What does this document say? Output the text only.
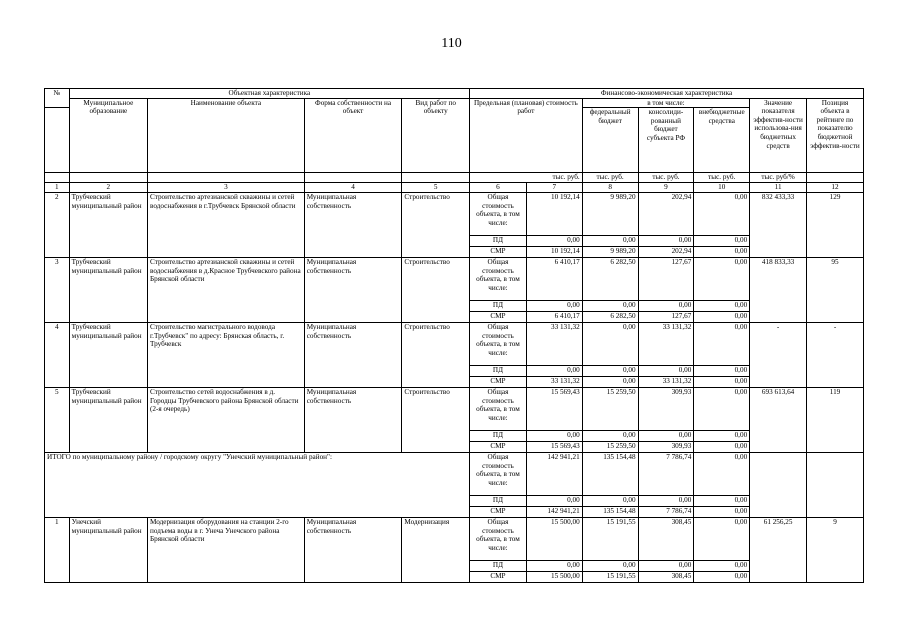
110
№	Объектная характеристика				Финансово-экономическая характеристика						
	Муниципальное образование	Наименование объекта	Форма собственности на объект	Вид работ по объекту	Предельная (плановая) стоимость работ		в том числе:			Значение показателя эффектив-ности использова-ния бюджетных средств	Позиция объекта в рейтинге по показателю бюджетной эффектив-ности
							федеральный бюджет	консолиди-рованный бюджет субъекта РФ	внебюджетные средства		
					тыс. руб.		тыс. руб.	тыс. руб.	тыс. руб.	тыс. руб/%	
1	2	3	4	5	6	7	8	9	10	11	12
2	Трубчевский муниципальный район	Строительство артезианской скважины и сетей водоснабжения в г.Трубчевск Брянской области	Муниципальная собственность	Строительство	Общая стоимость объекта, в том числе:	10 192,14	9 989,20	202,94	0,00	832 433,33	129
					ПД	0,00	0,00	0,00	0,00		
					СМР	10 192,14	9 989,20	202,94	0,00		
3	Трубчевский муниципальный район	Строительство артезианской скважины и сетей водоснабжения в д.Красное Трубчевского района Брянской области	Муниципальная собственность	Строительство	Общая стоимость объекта, в том числе:	6 410,17	6 282,50	127,67	0,00	418 833,33	95
					ПД	0,00	0,00	0,00	0,00		
					СМР	6 410,17	6 282,50	127,67	0,00		
4	Трубчевский муниципальный район	Строительство магистрального водовода г.Трубчевск" по адресу: Брянская область, г. Трубчевск	Муниципальная собственность	Строительство	Общая стоимость объекта, в том числе:	33 131,32	0,00	33 131,32	0,00	-	-
					ПД	0,00	0,00	0,00	0,00		
					СМР	33 131,32	0,00	33 131,32	0,00		
5	Трубчевский муниципальный район	Строительство сетей водоснабжения в д. Городцы Трубчевского района Брянской области (2-я очередь)	Муниципальная собственность	Строительство	Общая стоимость объекта, в том числе:	15 569,43	15 259,50	309,93	0,00	693 613,64	119
					ПД	0,00	0,00	0,00	0,00		
					СМР	15 569,43	15 259,50	309,93	0,00		
ИТОГО по муниципальному району / городскому округу "Унечский муниципальный район":					Общая стоимость объекта, в том числе:	142 941,21	135 154,48	7 786,74	0,00		
					ПД	0,00	0,00	0,00	0,00		
					СМР	142 941,21	135 154,48	7 786,74	0,00		
1	Унечский муниципальный район	Модернизация оборудования на станции 2-го подъема воды в г. Унеча Унечского района Брянской области	Муниципальная собственность	Модернизация	Общая стоимость объекта, в том числе:	15 500,00	15 191,55	308,45	0,00	61 256,25	9
					ПД	0,00	0,00	0,00	0,00		
					СМР	15 500,00	15 191,55	308,45	0,00		
